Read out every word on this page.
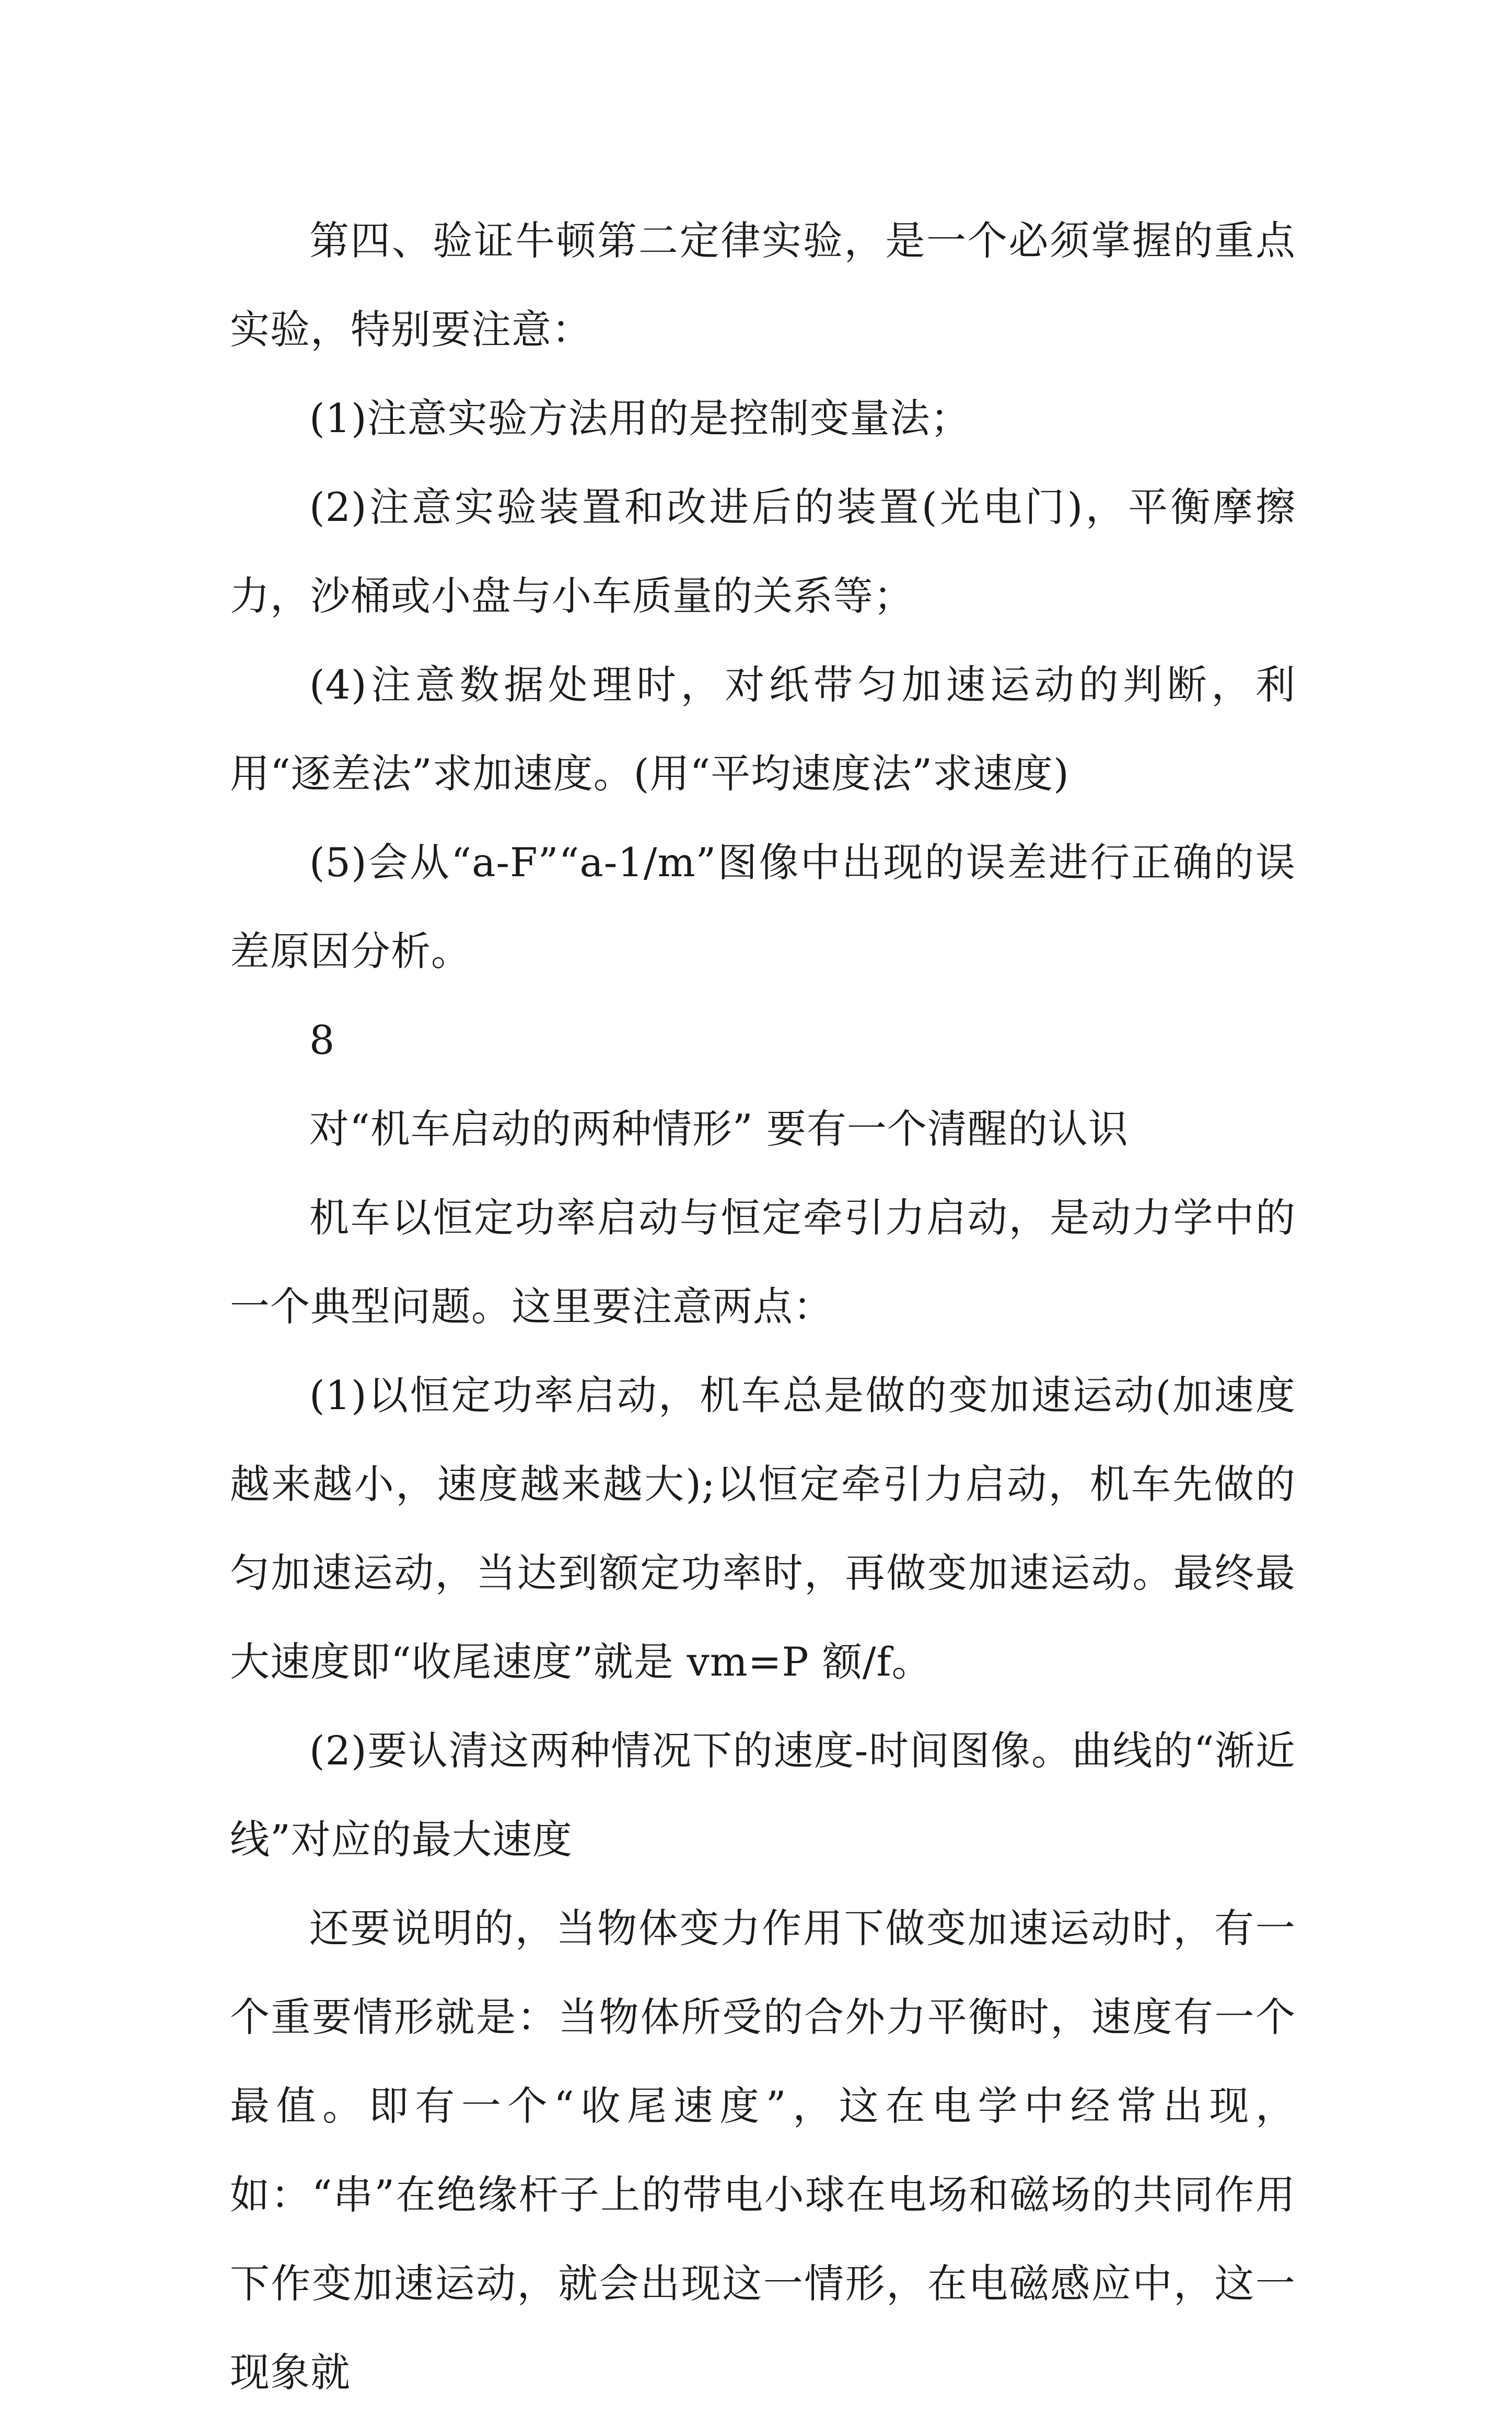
第四、验证牛顿第二定律实验，是一个必须掌握的重点实验，特别要注意：

(1)注意实验方法用的是控制变量法；

(2)注意实验装置和改进后的装置(光电门)，平衡摩擦力，沙桶或小盘与小车质量的关系等；

(4)注意数据处理时，对纸带匀加速运动的判断，利用“逐差法”求加速度。(用“平均速度法”求速度)

(5)会从“a-F”“a-1/m”图像中出现的误差进行正确的误差原因分析。

8

对“机车启动的两种情形” 要有一个清醒的认识

机车以恒定功率启动与恒定牵引力启动，是动力学中的一个典型问题。这里要注意两点：

(1)以恒定功率启动，机车总是做的变加速运动(加速度越来越小，速度越来越大);以恒定牵引力启动，机车先做的匀加速运动，当达到额定功率时，再做变加速运动。最终最大速度即“收尾速度”就是 vm=P 额/f。

(2)要认清这两种情况下的速度-时间图像。曲线的“渐近线”对应的最大速度

还要说明的，当物体变力作用下做变加速运动时，有一个重要情形就是：当物体所受的合外力平衡时，速度有一个最值。即有一个“收尾速度”，这在电学中经常出现，如：“串”在绝缘杆子上的带电小球在电场和磁场的共同作用下作变加速运动，就会出现这一情形，在电磁感应中，这一现象就
